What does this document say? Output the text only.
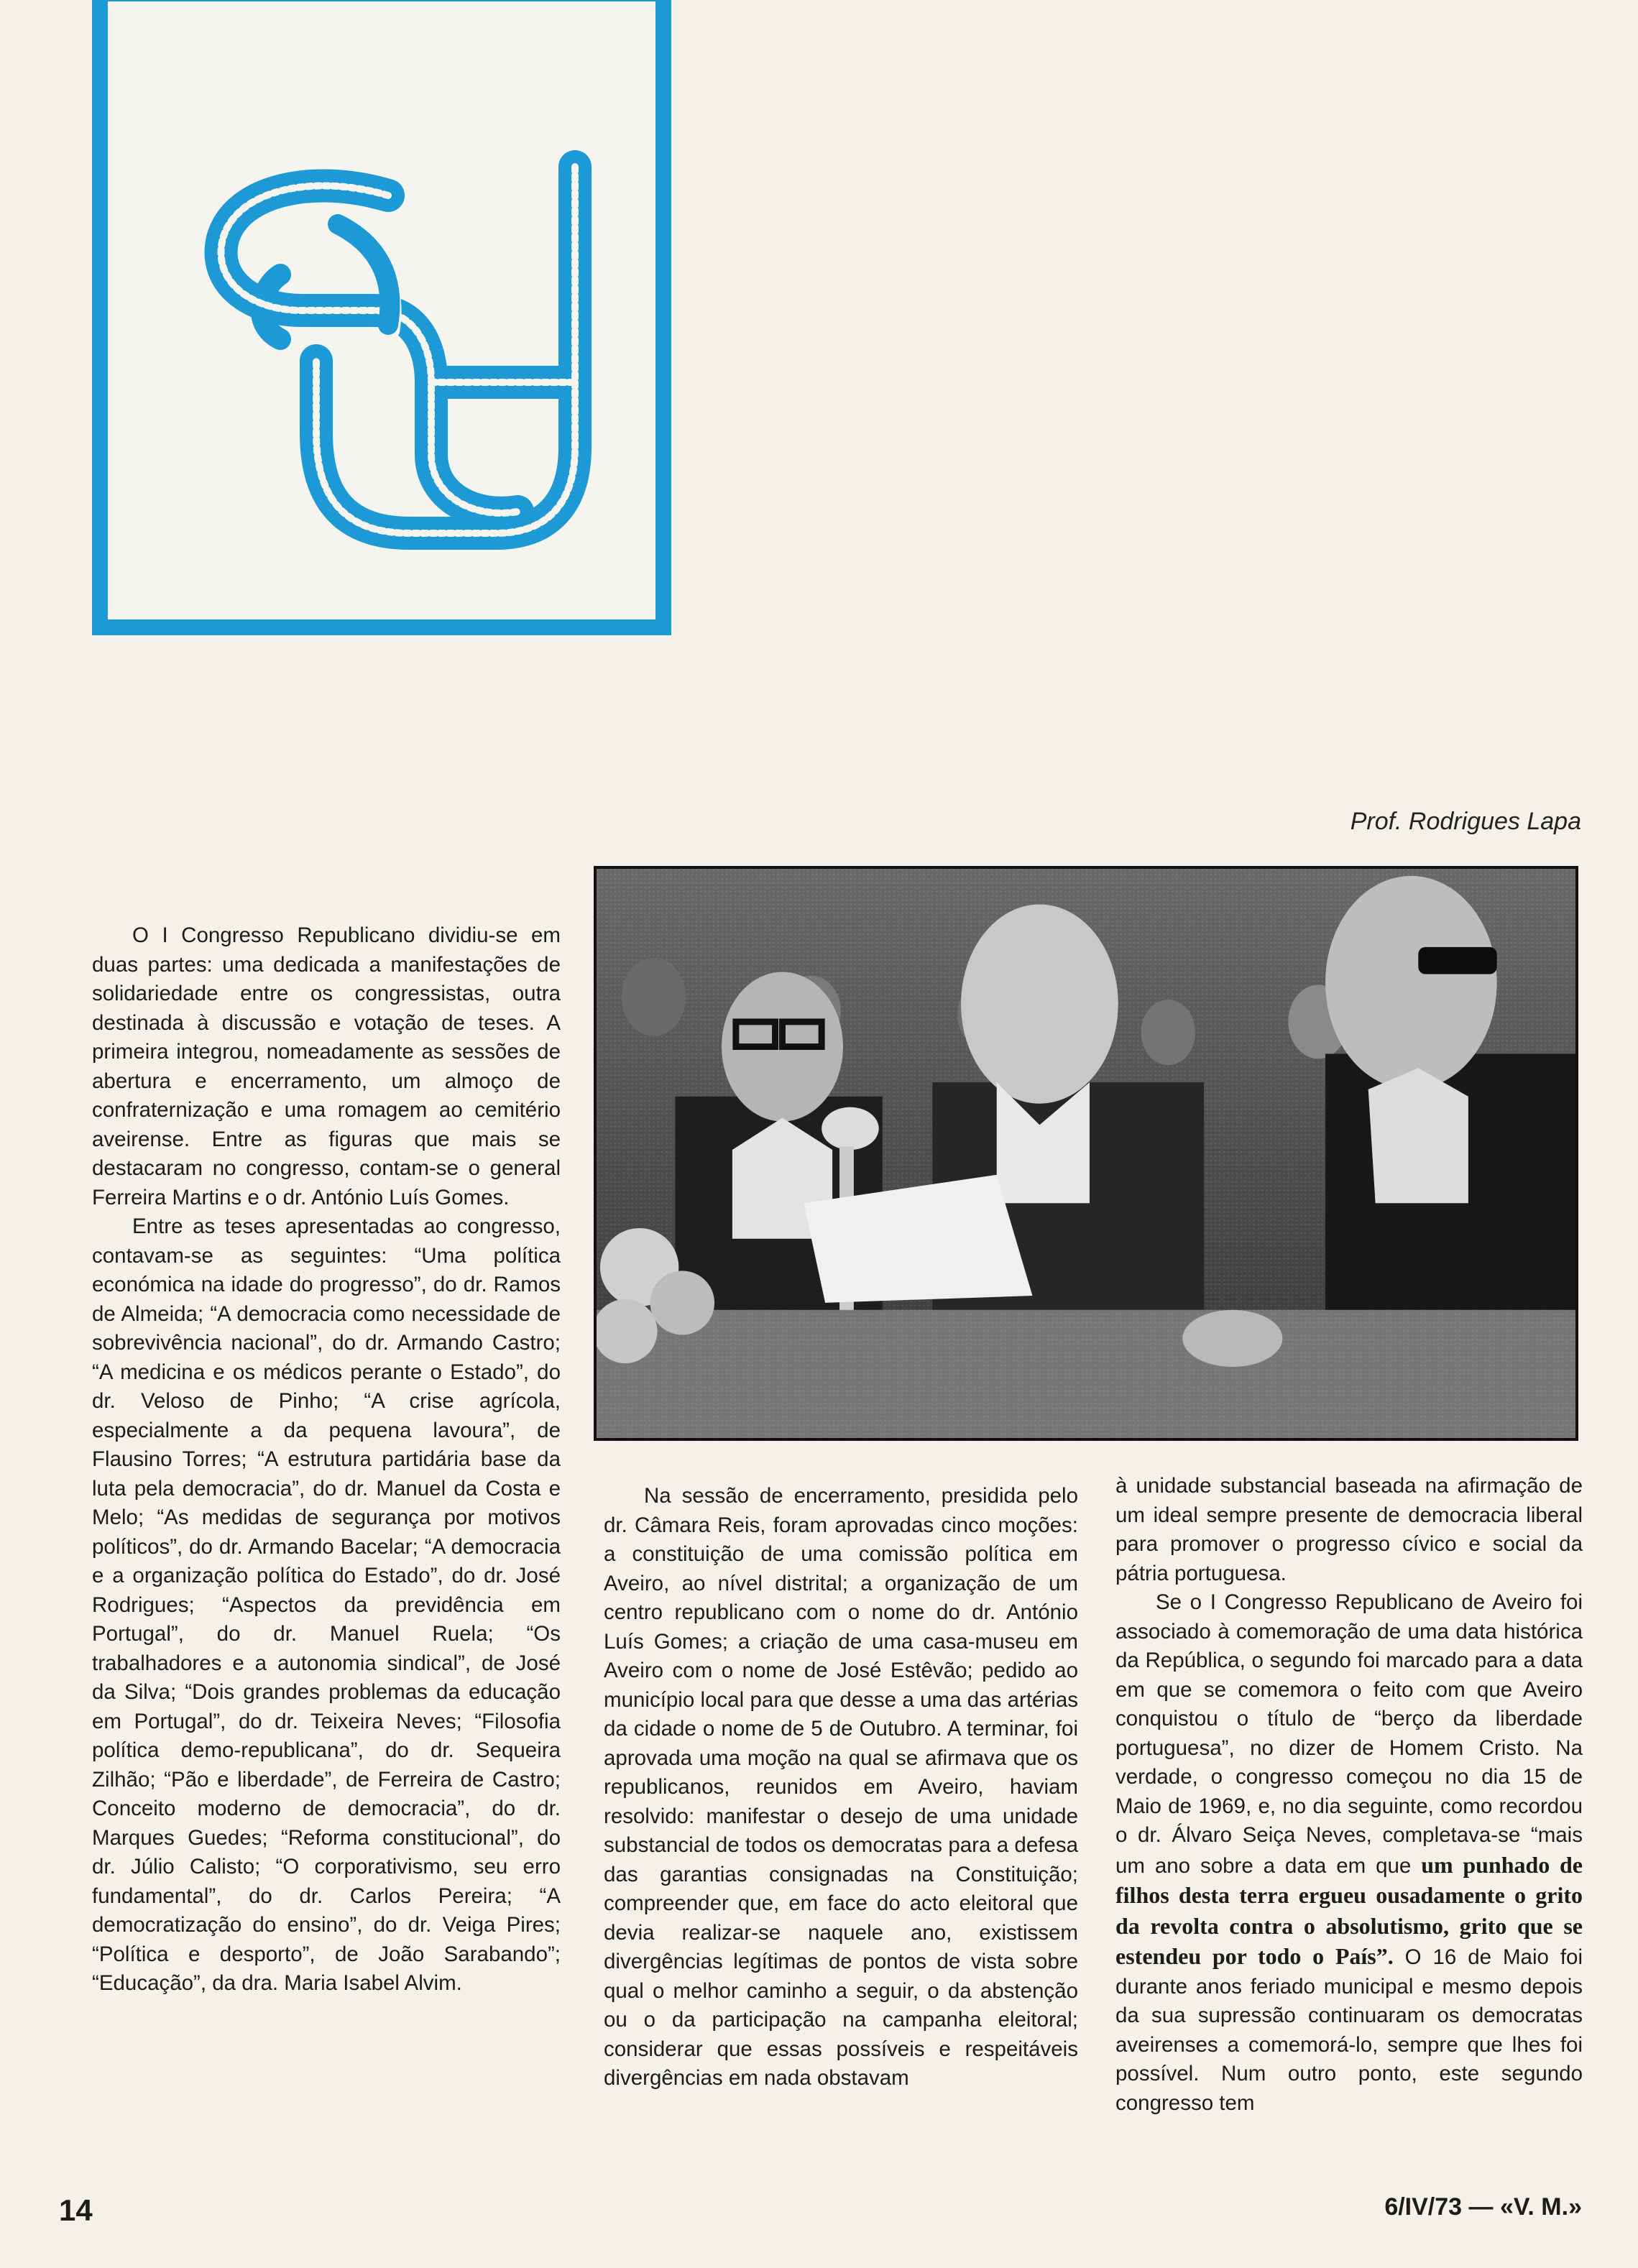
Prof. Rodrigues Lapa

O I Congresso Republicano dividiu-se em duas partes: uma dedicada a manifestações de solidariedade entre os congressistas, outra destinada à discussão e votação de teses. A primeira integrou, nomeadamente as sessões de abertura e encerramento, um almoço de confraternização e uma romagem ao cemitério aveirense. Entre as figuras que mais se destacaram no congresso, contam-se o general Ferreira Martins e o dr. António Luís Gomes.

Entre as teses apresentadas ao congresso, contavam-se as seguintes: “Uma política económica na idade do progresso”, do dr. Ramos de Almeida; “A democracia como necessidade de sobrevivência nacional”, do dr. Armando Castro; “A medicina e os médicos perante o Estado”, do dr. Veloso de Pinho; “A crise agrícola, especialmente a da pequena lavoura”, de Flausino Torres; “A estrutura partidária base da luta pela democracia”, do dr. Manuel da Costa e Melo; “As medidas de segurança por motivos políticos”, do dr. Armando Bacelar; “A democracia e a organização política do Estado”, do dr. José Rodrigues; “Aspectos da previdência em Portugal”, do dr. Manuel Ruela; “Os trabalhadores e a autonomia sindical”, de José da Silva; “Dois grandes problemas da educação em Portugal”, do dr. Teixeira Neves; “Filosofia política demo-republicana”, do dr. Sequeira Zilhão; “Pão e liberdade”, de Ferreira de Castro; Conceito moderno de democracia”, do dr. Marques Guedes; “Reforma constitucional”, do dr. Júlio Calisto; “O corporativismo, seu erro fundamental”, do dr. Carlos Pereira; “A democratização do ensino”, do dr. Veiga Pires; “Política e desporto”, de João Sarabando”; “Educação”, da dra. Maria Isabel Alvim.

Na sessão de encerramento, presidida pelo dr. Câmara Reis, foram aprovadas cinco moções: a constituição de uma comissão política em Aveiro, ao nível distrital; a organização de um centro republicano com o nome do dr. António Luís Gomes; a criação de uma casa-museu em Aveiro com o nome de José Estêvão; pedido ao município local para que desse a uma das artérias da cidade o nome de 5 de Outubro. A terminar, foi aprovada uma moção na qual se afirmava que os republicanos, reunidos em Aveiro, haviam resolvido: manifestar o desejo de uma unidade substancial de todos os democratas para a defesa das garantias consignadas na Constituição; compreender que, em face do acto eleitoral que devia realizar-se naquele ano, existissem divergências legítimas de pontos de vista sobre qual o melhor caminho a seguir, o da abstenção ou o da participação na campanha eleitoral; considerar que essas possíveis e respeitáveis divergências em nada obstavam

à unidade substancial baseada na afirmação de um ideal sempre presente de democracia liberal para promover o progresso cívico e social da pátria portuguesa.

Se o I Congresso Republicano de Aveiro foi associado à comemoração de uma data histórica da República, o segundo foi marcado para a data em que se comemora o feito com que Aveiro conquistou o título de “berço da liberdade portuguesa”, no dizer de Homem Cristo. Na verdade, o congresso começou no dia 15 de Maio de 1969, e, no dia seguinte, como recordou o dr. Álvaro Seiça Neves, completava-se “mais um ano sobre a data em que um punhado de filhos desta terra ergueu ousadamente o grito da revolta contra o absolutismo, grito que se estendeu por todo o País”. O 16 de Maio foi durante anos feriado municipal e mesmo depois da sua supressão continuaram os democratas aveirenses a comemorá-lo, sempre que lhes foi possível. Num outro ponto, este segundo congresso tem

14	6/IV/73 — «V. M.»
